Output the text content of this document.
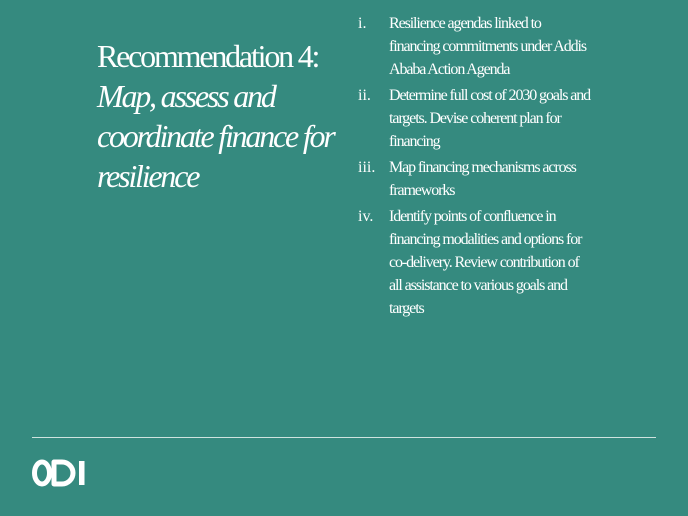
Recommendation 4:
Map, assess and coordinate finance for resilience
i.	Resilience agendas linked to financing commitments under Addis Ababa Action Agenda
ii.	Determine full cost of 2030 goals and targets. Devise coherent plan for financing
iii. Map financing mechanisms across frameworks
iv. Identify points of confluence in financing modalities and options for co-delivery. Review contribution of all assistance to various goals and targets
